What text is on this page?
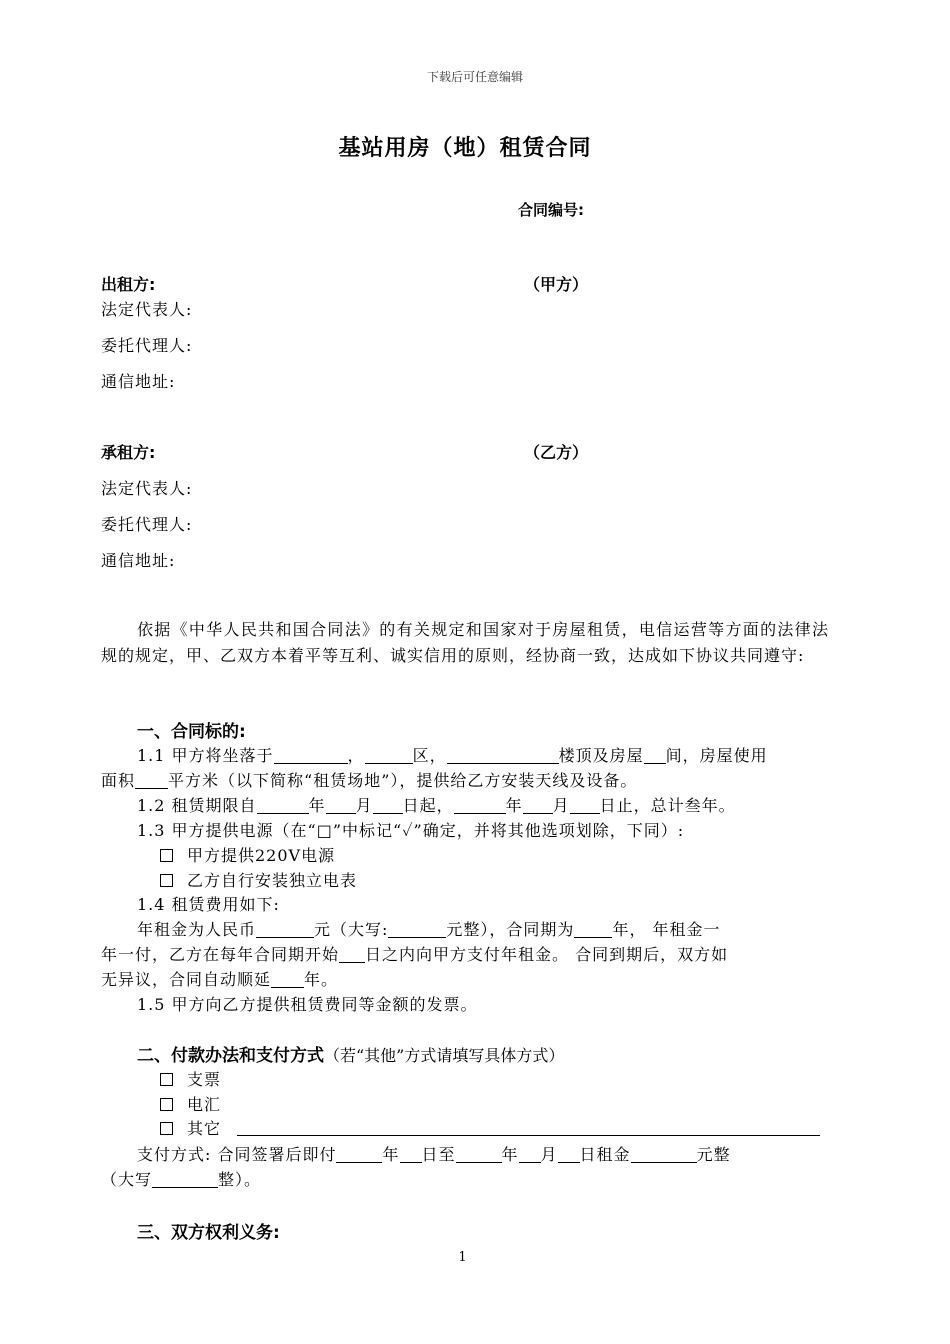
下载后可任意编辑
基站用房（地）租赁合同
合同编号:
出租方:	（甲方）
法定代表人:
委托代理人:
通信地址:
承租方:	（乙方）
法定代表人:
委托代理人:
通信地址:
依据《中华人民共和国合同法》的有关规定和国家对于房屋租赁，电信运营等方面的法律法规的规定，甲、乙双方本着平等互利、诚实信用的原则，经协商一致，达成如下协议共同遵守:
一、合同标的:
1.1 甲方将坐落于	，	区，	楼顶及房屋 间，房屋使用
面积 平方米（以下简称“租赁场地”），提供给乙方安装天线及设备。
1.2 租赁期限自	年 月 日起，	年 月 日止，总计叁年。
1.3 甲方提供电源（在“□”中标记“✓”确定，并将其他选项划除，下同）:
甲方提供220V电源
乙方自行安装独立电表
1.4 租赁费用如下:
年租金为人民币	元（大写:	元整），合同期为 年， 年租金一
年一付，乙方在每年合同期开始 日之内向甲方支付年租金。 合同到期后，双方如
无异议，合同自动顺延 年。
1.5 甲方向乙方提供租赁费同等金额的发票。
二、付款办法和支付方式（若“其他”方式请填写具体方式）
支票
电汇
其它
支付方式: 合同签署后即付	年 日至	年 月 日租金	元整
（大写	整）。
三、双方权利义务:
1
